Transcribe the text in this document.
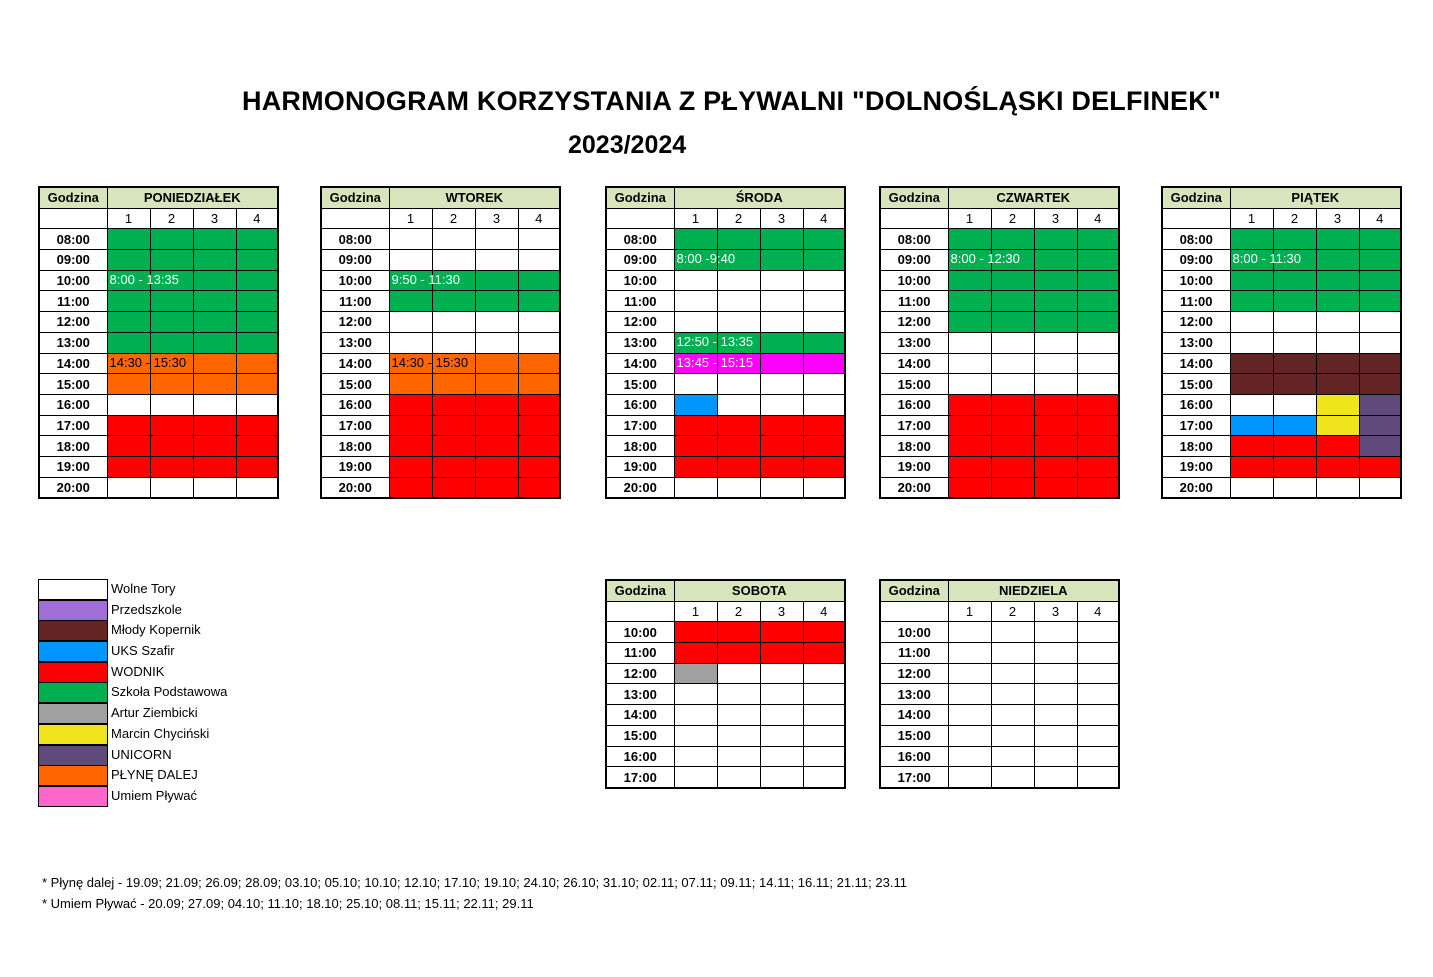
HARMONOGRAM KORZYSTANIA Z PŁYWALNI "DOLNOŚLĄSKI DELFINEK"
2023/2024
Godzina	PONIEDZIAŁEK			
	1	2	3	4
08:00				
09:00				
10:00	8:00 - 13:35			

11:00				
12:00				
13:00				
14:00	14:30 - 15:30			

15:00				
16:00				
17:00				
18:00				
19:00				
20:00				
Godzina	WTOREK			
	1	2	3	4
08:00				
09:00				
10:00	9:50 - 11:30			

11:00				
12:00				
13:00				
14:00	14:30 - 15:30			

15:00				
16:00				
17:00				
18:00				
19:00				
20:00				
Godzina	ŚRODA			
	1	2	3	4
08:00				
09:00	8:00 -9:40			

10:00				
11:00				
12:00				
13:00	12:50 - 13:35			

14:00	13:45 - 15:15			

15:00				
16:00				
17:00				
18:00				
19:00				
20:00				
Godzina	CZWARTEK			
	1	2	3	4
08:00				
09:00	8:00 - 12:30			

10:00				
11:00				
12:00				
13:00				
14:00				
15:00				
16:00				
17:00				
18:00				
19:00				
20:00				
Godzina	PIĄTEK			
	1	2	3	4
08:00				
09:00	8:00 - 11:30			

10:00				
11:00				
12:00				
13:00				
14:00				
15:00				
16:00				
17:00				
18:00				
19:00				
20:00				
Godzina	SOBOTA			
	1	2	3	4
10:00				
11:00				
12:00				
13:00				
14:00				
15:00				
16:00				
17:00				
Godzina	NIEDZIELA			
	1	2	3	4
10:00				
11:00				
12:00				
13:00				
14:00				
15:00				
16:00				
17:00				
Wolne Tory
Przedszkole
Młody Kopernik
UKS Szafir
WODNIK
Szkoła Podstawowa
Artur Ziembicki
Marcin Chyciński
UNICORN
PŁYNĘ DALEJ
Umiem Pływać
* Płynę dalej - 19.09; 21.09; 26.09; 28.09; 03.10; 05.10; 10.10; 12.10; 17.10; 19.10; 24.10; 26.10; 31.10; 02.11; 07.11; 09.11; 14.11; 16.11; 21.11; 23.11
* Umiem Pływać - 20.09; 27.09; 04.10; 11.10; 18.10; 25.10; 08.11; 15.11; 22.11; 29.11
